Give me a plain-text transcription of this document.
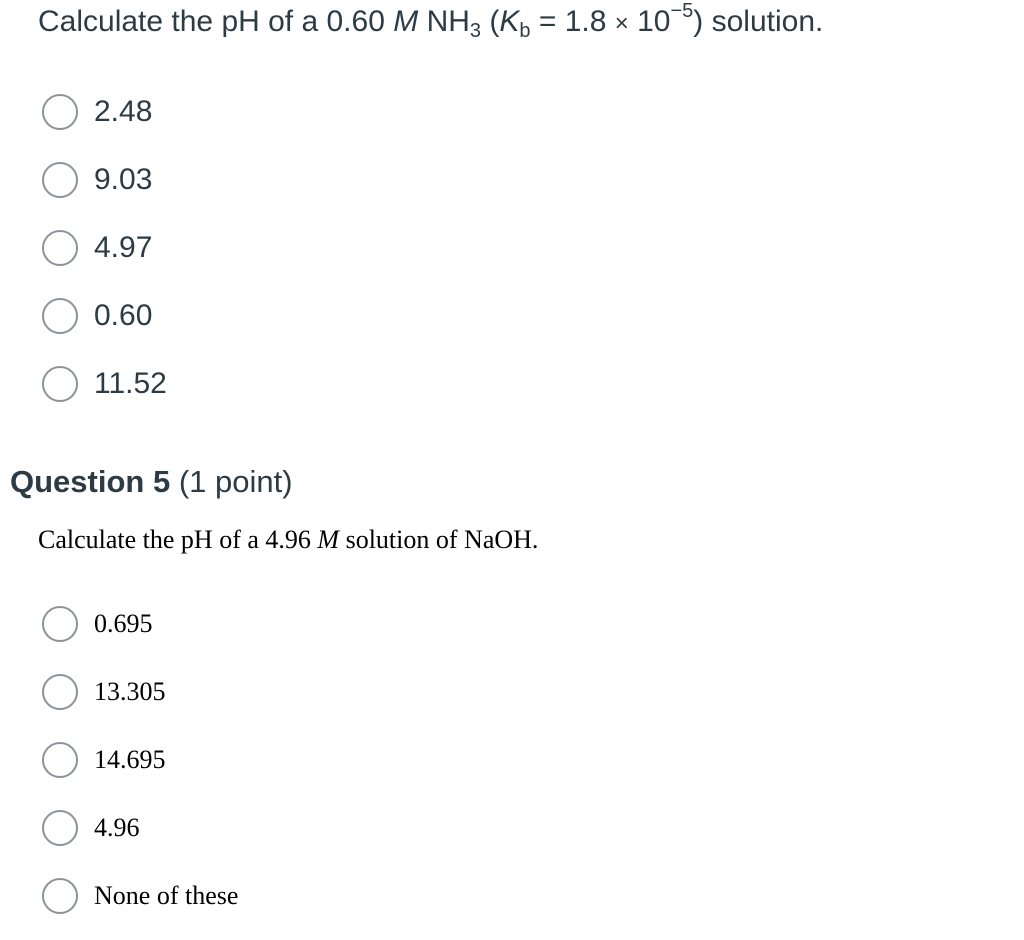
Calculate the pH of a 0.60 M $NH_3$ $(K_b = 1.8 \times 10^{-5})$ solution.
2.48
9.03
4.97
0.60
11.52
Question 5 (1 point)
Calculate the pH of a 4.96 M solution of NaOH.
0.695
13.305
14.695
4.96
None of these
